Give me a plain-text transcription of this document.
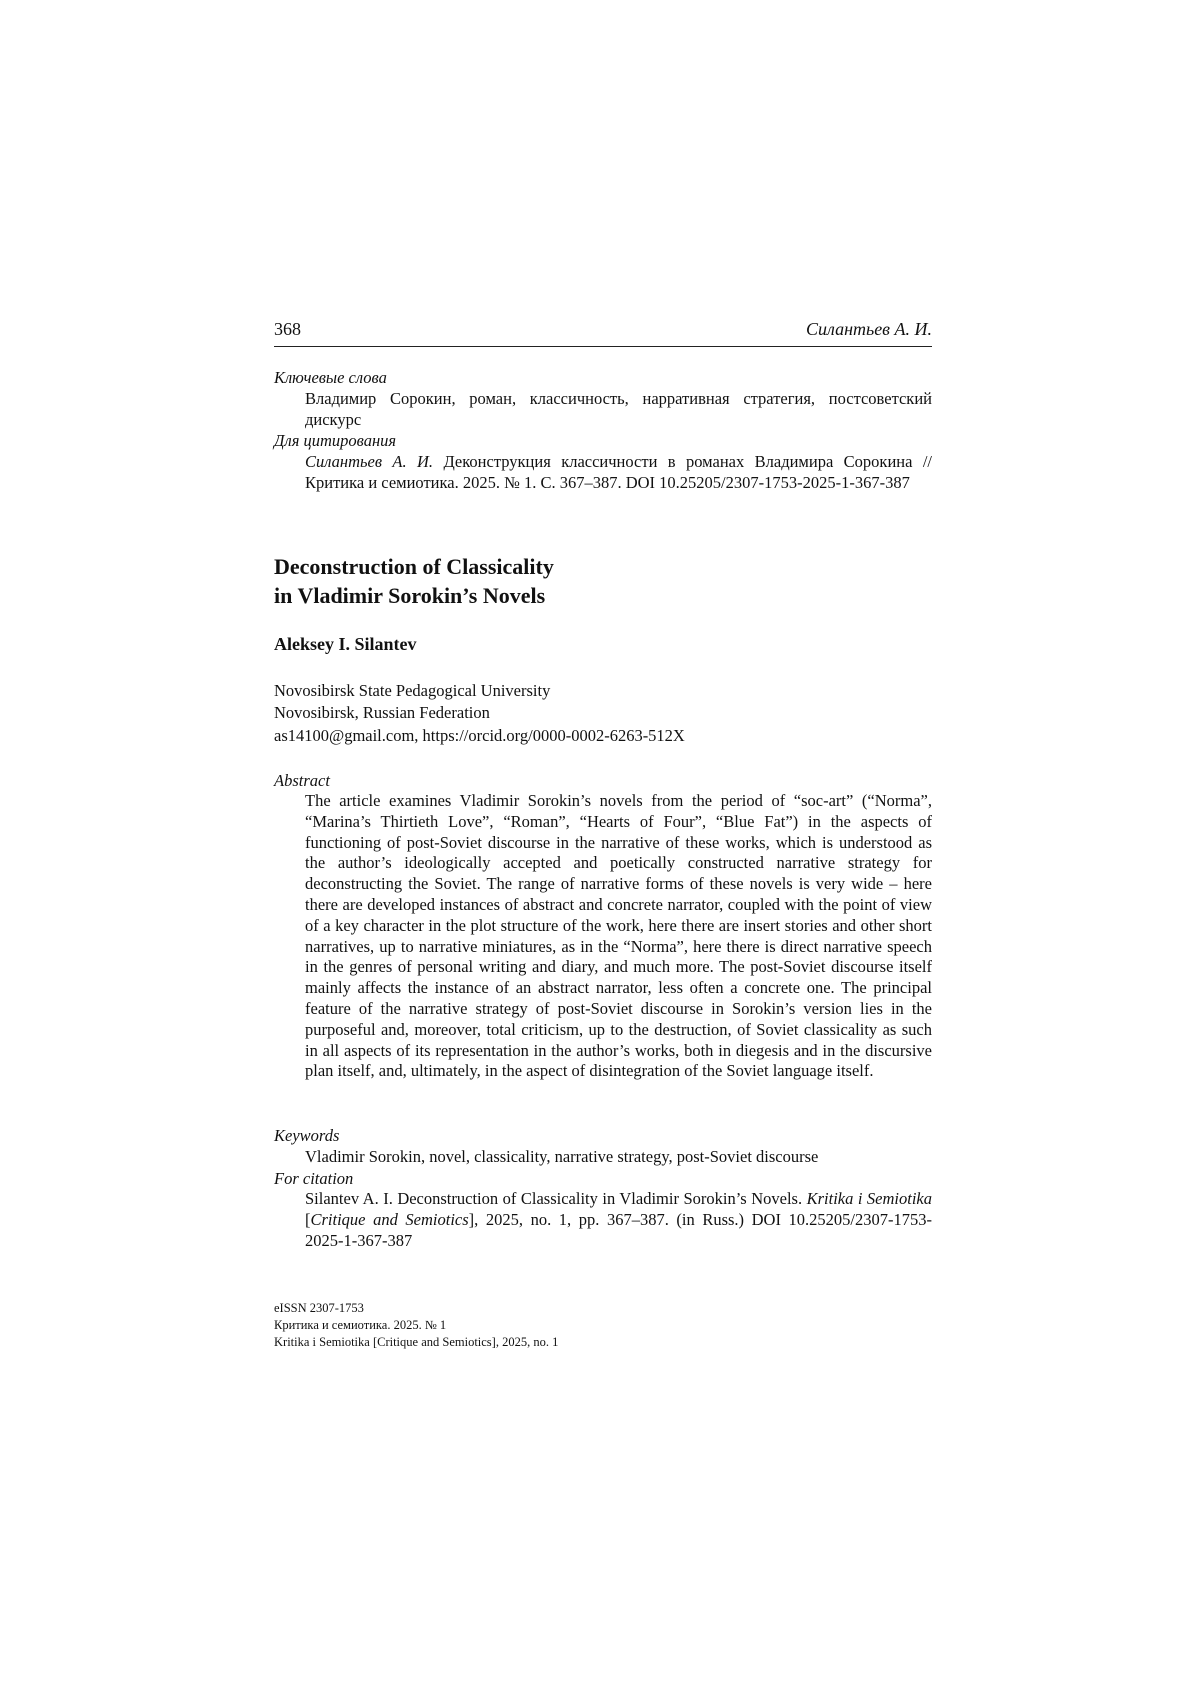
368	Силантьев А. И.
Ключевые слова
Владимир Сорокин, роман, классичность, нарративная стратегия, постсоветский дискурс
Для цитирования
Силантьев А. И. Деконструкция классичности в романах Владимира Сорокина // Критика и семиотика. 2025. № 1. С. 367–387. DOI 10.25205/2307-1753-2025-1-367-387
Deconstruction of Classicality
in Vladimir Sorokin’s Novels
Aleksey I. Silantev
Novosibirsk State Pedagogical University
Novosibirsk, Russian Federation
as14100@gmail.com, https://orcid.org/0000-0002-6263-512X
Abstract
The article examines Vladimir Sorokin’s novels from the period of “soc-art” (“Norma”, “Marina’s Thirtieth Love”, “Roman”, “Hearts of Four”, “Blue Fat”) in the aspects of functioning of post-Soviet discourse in the narrative of these works, which is understood as the author’s ideologically accepted and poetically constructed narrative strategy for deconstructing the Soviet. The range of narrative forms of these novels is very wide – here there are developed instances of abstract and concrete narrator, coupled with the point of view of a key character in the plot structure of the work, here there are insert stories and other short narratives, up to narrative miniatures, as in the “Norma”, here there is direct narrative speech in the genres of personal writing and diary, and much more. The post-Soviet discourse itself mainly affects the instance of an abstract narrator, less often a concrete one. The principal feature of the narrative strategy of post-Soviet discourse in Sorokin’s version lies in the purposeful and, moreover, total criticism, up to the destruction, of Soviet classicality as such in all aspects of its representation in the author’s works, both in diegesis and in the discursive plan itself, and, ultimately, in the aspect of disintegration of the Soviet language itself.
Keywords
Vladimir Sorokin, novel, classicality, narrative strategy, post-Soviet discourse
For citation
Silantev A. I. Deconstruction of Classicality in Vladimir Sorokin’s Novels. Kritika i Semiotika [Critique and Semiotics], 2025, no. 1, pp. 367–387. (in Russ.) DOI 10.25205/2307-1753-2025-1-367-387
eISSN 2307-1753
Критика и семиотика. 2025. № 1
Kritika i Semiotika [Critique and Semiotics], 2025, no. 1
